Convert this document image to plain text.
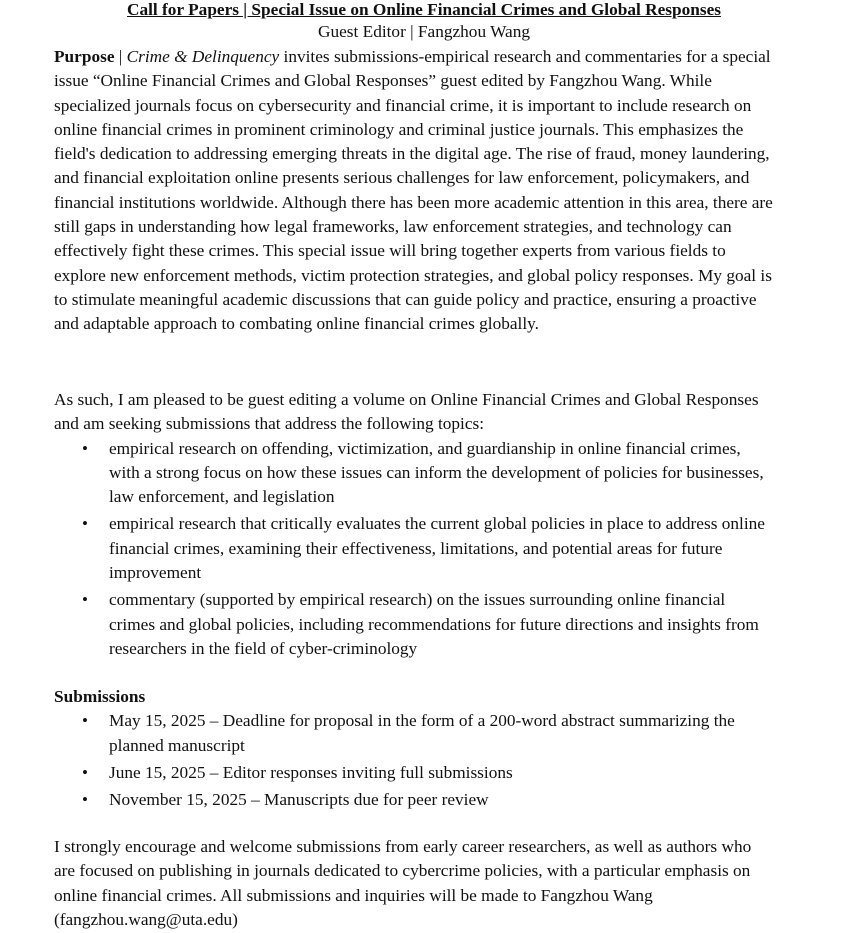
Call for Papers | Special Issue on Online Financial Crimes and Global Responses
Guest Editor | Fangzhou Wang

Purpose | Crime & Delinquency invites submissions-empirical research and commentaries for a special issue “Online Financial Crimes and Global Responses” guest edited by Fangzhou Wang. While specialized journals focus on cybersecurity and financial crime, it is important to include research on online financial crimes in prominent criminology and criminal justice journals. This emphasizes the field's dedication to addressing emerging threats in the digital age. The rise of fraud, money laundering, and financial exploitation online presents serious challenges for law enforcement, policymakers, and financial institutions worldwide. Although there has been more academic attention in this area, there are still gaps in understanding how legal frameworks, law enforcement strategies, and technology can effectively fight these crimes. This special issue will bring together experts from various fields to explore new enforcement methods, victim protection strategies, and global policy responses. My goal is to stimulate meaningful academic discussions that can guide policy and practice, ensuring a proactive and adaptable approach to combating online financial crimes globally.

As such, I am pleased to be guest editing a volume on Online Financial Crimes and Global Responses and am seeking submissions that address the following topics:

• empirical research on offending, victimization, and guardianship in online financial crimes, with a strong focus on how these issues can inform the development of policies for businesses, law enforcement, and legislation
• empirical research that critically evaluates the current global policies in place to address online financial crimes, examining their effectiveness, limitations, and potential areas for future improvement
• commentary (supported by empirical research) on the issues surrounding online financial crimes and global policies, including recommendations for future directions and insights from researchers in the field of cyber-criminology

Submissions

• May 15, 2025 – Deadline for proposal in the form of a 200-word abstract summarizing the planned manuscript
• June 15, 2025 – Editor responses inviting full submissions
• November 15, 2025 – Manuscripts due for peer review

I strongly encourage and welcome submissions from early career researchers, as well as authors who are focused on publishing in journals dedicated to cybercrime policies, with a particular emphasis on online financial crimes. All submissions and inquiries will be made to Fangzhou Wang (fangzhou.wang@uta.edu)
